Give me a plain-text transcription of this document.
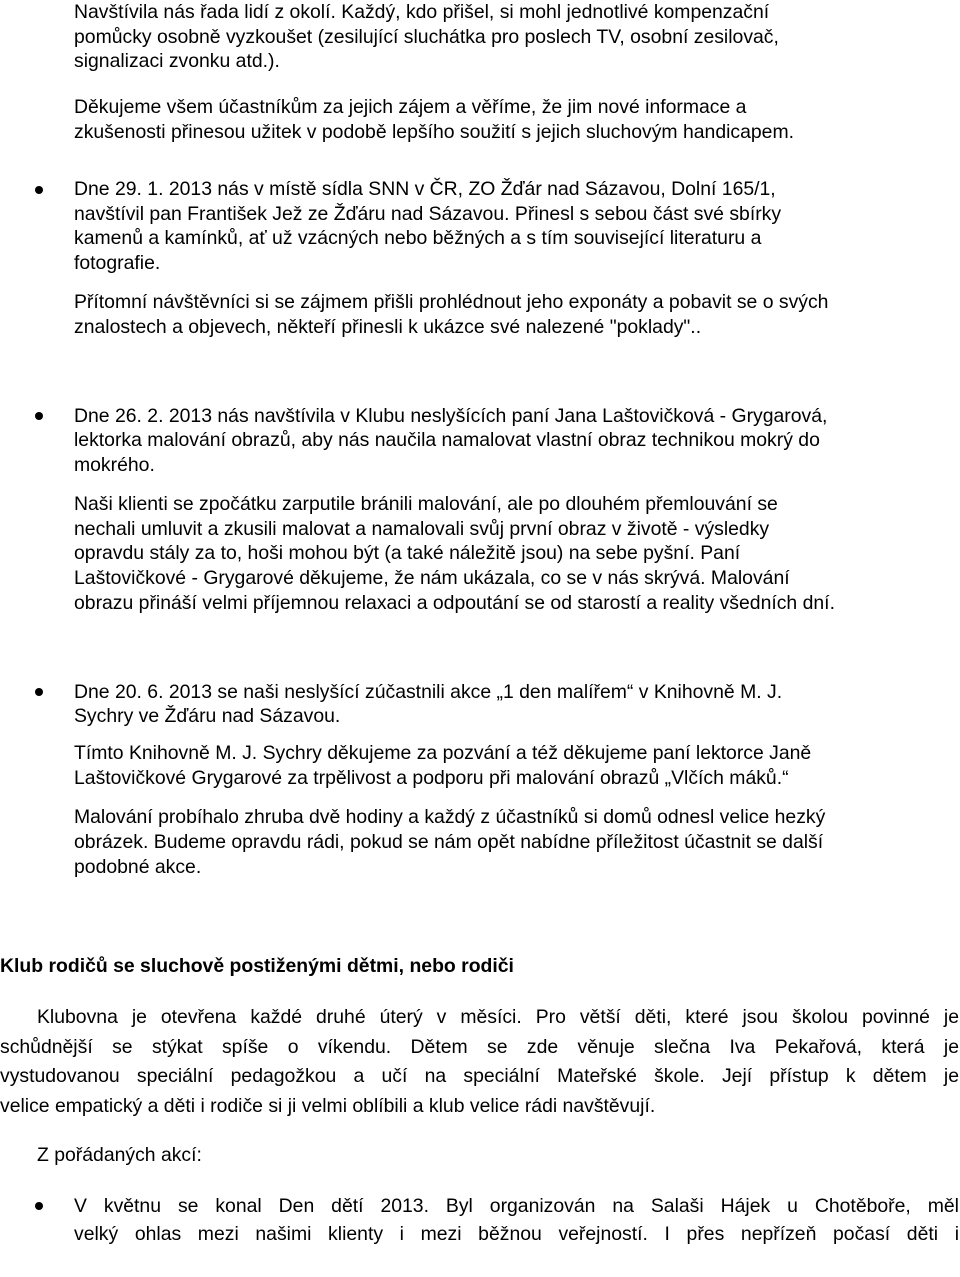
Navštívila nás řada lidí z okolí. Každý, kdo přišel, si mohl jednotlivé kompenzační
pomůcky osobně vyzkoušet (zesilující sluchátka pro poslech TV, osobní zesilovač,
signalizaci zvonku atd.).
Děkujeme všem účastníkům za jejich zájem a věříme, že jim nové informace a
zkušenosti přinesou užitek v podobě lepšího soužití s jejich sluchovým handicapem.
Dne 29. 1. 2013 nás v místě sídla SNN v ČR, ZO Žďár nad Sázavou, Dolní 165/1,
navštívil pan František Jež ze Žďáru nad Sázavou. Přinesl s sebou část své sbírky
kamenů a kamínků, ať už vzácných nebo běžných a s tím související literaturu a
fotografie.
Přítomní návštěvníci si se zájmem přišli prohlédnout jeho exponáty a pobavit se o svých
znalostech a objevech, někteří přinesli k ukázce své nalezené "poklady"..
Dne 26. 2. 2013 nás navštívila v Klubu neslyšících paní Jana Laštovičková - Grygarová,
lektorka malování obrazů, aby nás naučila namalovat vlastní obraz technikou mokrý do
mokrého.
Naši klienti se zpočátku zarputile bránili malování, ale po dlouhém přemlouvání se
nechali umluvit a zkusili malovat a namalovali svůj první obraz v životě - výsledky
opravdu stály za to, hoši mohou být (a také náležitě jsou) na sebe pyšní. Paní
Laštovičkové - Grygarové děkujeme, že nám ukázala, co se v nás skrývá. Malování
obrazu přináší velmi příjemnou relaxaci a odpoutání se od starostí a reality všedních dní.
Dne 20. 6. 2013 se naši neslyšící zúčastnili akce „1 den malířem“ v Knihovně M. J.
Sychry ve Žďáru nad Sázavou.
Tímto Knihovně M. J. Sychry děkujeme za pozvání a též děkujeme paní lektorce Janě
Laštovičkové Grygarové za trpělivost a podporu při malování obrazů „Vlčích máků.“
Malování probíhalo zhruba dvě hodiny a každý z účastníků si domů odnesl velice hezký
obrázek. Budeme opravdu rádi, pokud se nám opět nabídne příležitost účastnit se další
podobné akce.
Klub rodičů se sluchově postiženými dětmi, nebo rodiči
Klubovna je otevřena každé druhé úterý v měsíci. Pro větší děti, které jsou školou povinné je
schůdnější se stýkat spíše o víkendu. Dětem se zde věnuje slečna Iva Pekařová, která je
vystudovanou speciální pedagožkou a učí na speciální Mateřské škole. Její přístup k dětem je
velice empatický a děti i rodiče si ji velmi oblíbili a klub velice rádi navštěvují.
Z pořádaných akcí:
V květnu se konal Den dětí 2013. Byl organizován na Salaši Hájek u Chotěboře, měl
velký ohlas mezi našimi klienty i mezi běžnou veřejností. I přes nepřízeň počasí děti i
